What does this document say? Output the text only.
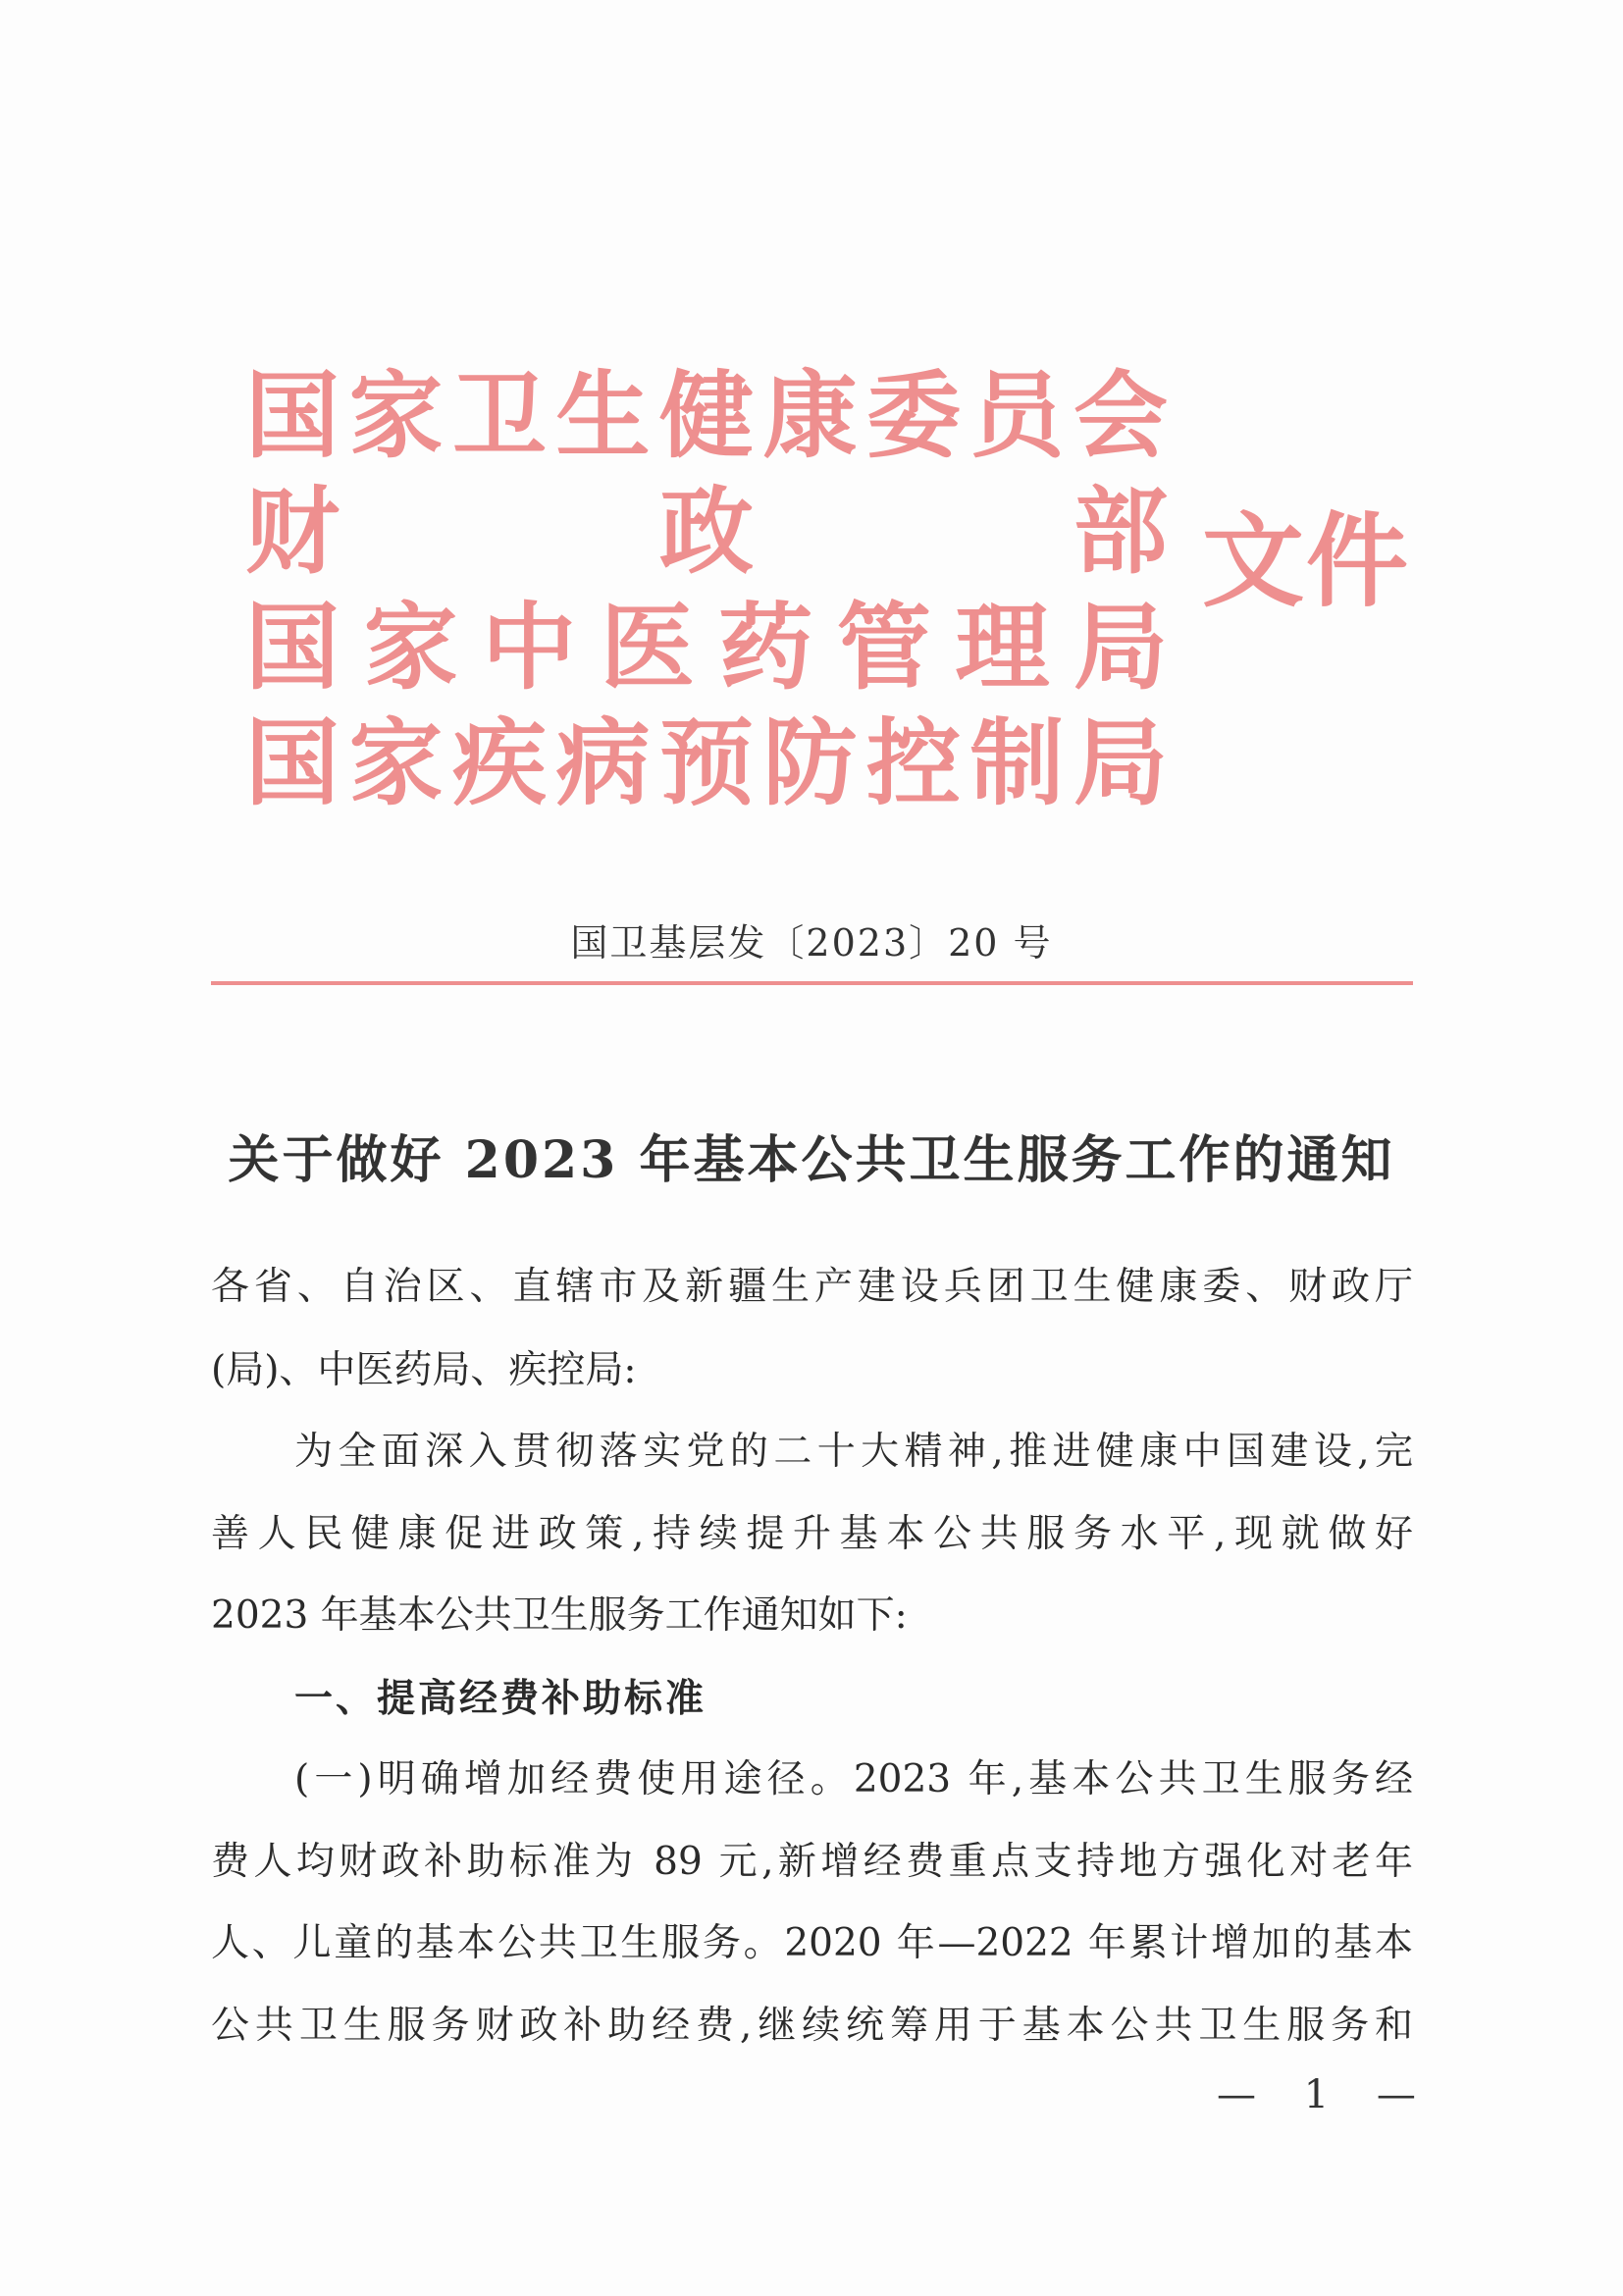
国 家 卫 生 健 康 委 员 会
财	政	部
国 家 中 医 药 管 理 局
国 家 疾 病 预 防 控 制 局
文件
国卫基层发〔2023〕20 号
关于做好 2023 年基本公共卫生服务工作的通知
各省、自治区、直辖市及新疆生产建设兵团卫生健康委、财政厅
(局)、中医药局、疾控局:
为全面深入贯彻落实党的二十大精神,推进健康中国建设,完
善人民健康促进政策,持续提升基本公共服务水平,现就做好
2023 年基本公共卫生服务工作通知如下:
一、提高经费补助标准
(一)明确增加经费使用途径。2023 年,基本公共卫生服务经
费人均财政补助标准为 89 元,新增经费重点支持地方强化对老年
人、儿童的基本公共卫生服务。2020 年—2022 年累计增加的基本
公共卫生服务财政补助经费,继续统筹用于基本公共卫生服务和
— 1 —
